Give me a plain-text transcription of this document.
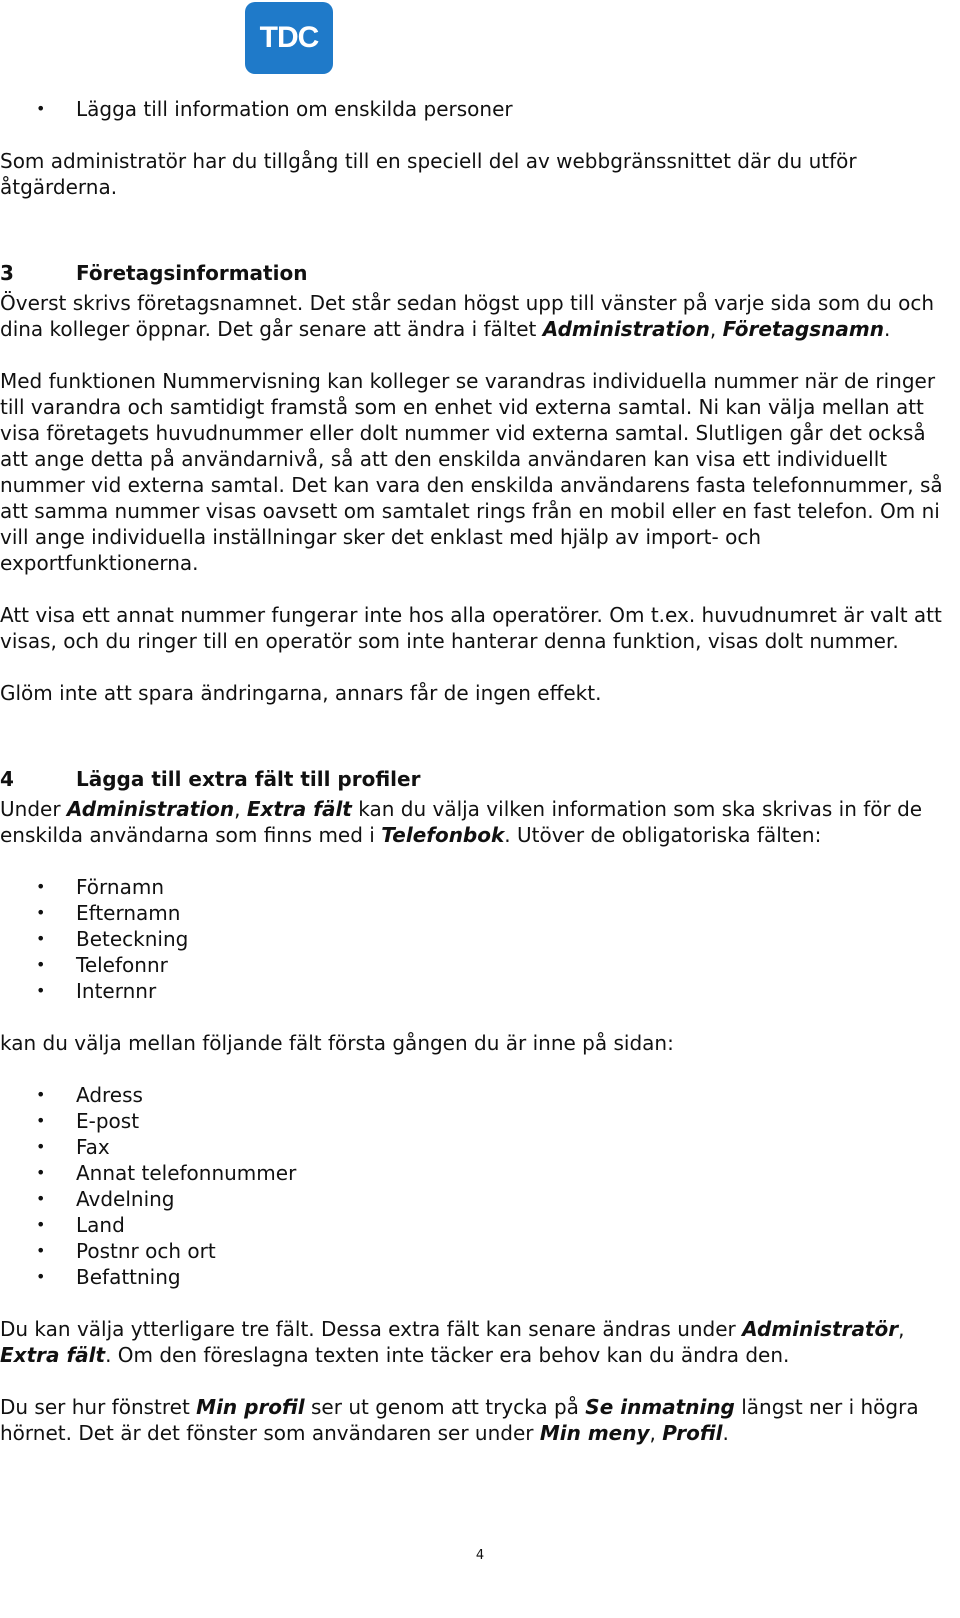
TDC
• Lägga till information om enskilda personer

Som administratör har du tillgång till en speciell del av webbgränssnittet där du utför åtgärderna.

3	Företagsinformation

Överst skrivs företagsnamnet. Det står sedan högst upp till vänster på varje sida som du och dina kolleger öppnar. Det går senare att ändra i fältet Administration, Företagsnamn.

Med funktionen Nummervisning kan kolleger se varandras individuella nummer när de ringer till varandra och samtidigt framstå som en enhet vid externa samtal. Ni kan välja mellan att visa företagets huvudnummer eller dolt nummer vid externa samtal. Slutligen går det också att ange detta på användarnivå, så att den enskilda användaren kan visa ett individuellt nummer vid externa samtal. Det kan vara den enskilda användarens fasta telefonnummer, så att samma nummer visas oavsett om samtalet rings från en mobil eller en fast telefon. Om ni vill ange individuella inställningar sker det enklast med hjälp av import- och exportfunktionerna.

Att visa ett annat nummer fungerar inte hos alla operatörer. Om t.ex. huvudnumret är valt att visas, och du ringer till en operatör som inte hanterar denna funktion, visas dolt nummer.

Glöm inte att spara ändringarna, annars får de ingen effekt.

4	Lägga till extra fält till profiler

Under Administration, Extra fält kan du välja vilken information som ska skrivas in för de enskilda användarna som finns med i Telefonbok. Utöver de obligatoriska fälten:

• Förnamn
• Efternamn
• Beteckning
• Telefonnr
• Internnr

kan du välja mellan följande fält första gången du är inne på sidan:

• Adress
• E-post
• Fax
• Annat telefonnummer
• Avdelning
• Land
• Postnr och ort
• Befattning

Du kan välja ytterligare tre fält. Dessa extra fält kan senare ändras under Administratör, Extra fält. Om den föreslagna texten inte täcker era behov kan du ändra den.

Du ser hur fönstret Min profil ser ut genom att trycka på Se inmatning längst ner i högra hörnet. Det är det fönster som användaren ser under Min meny, Profil.

4
